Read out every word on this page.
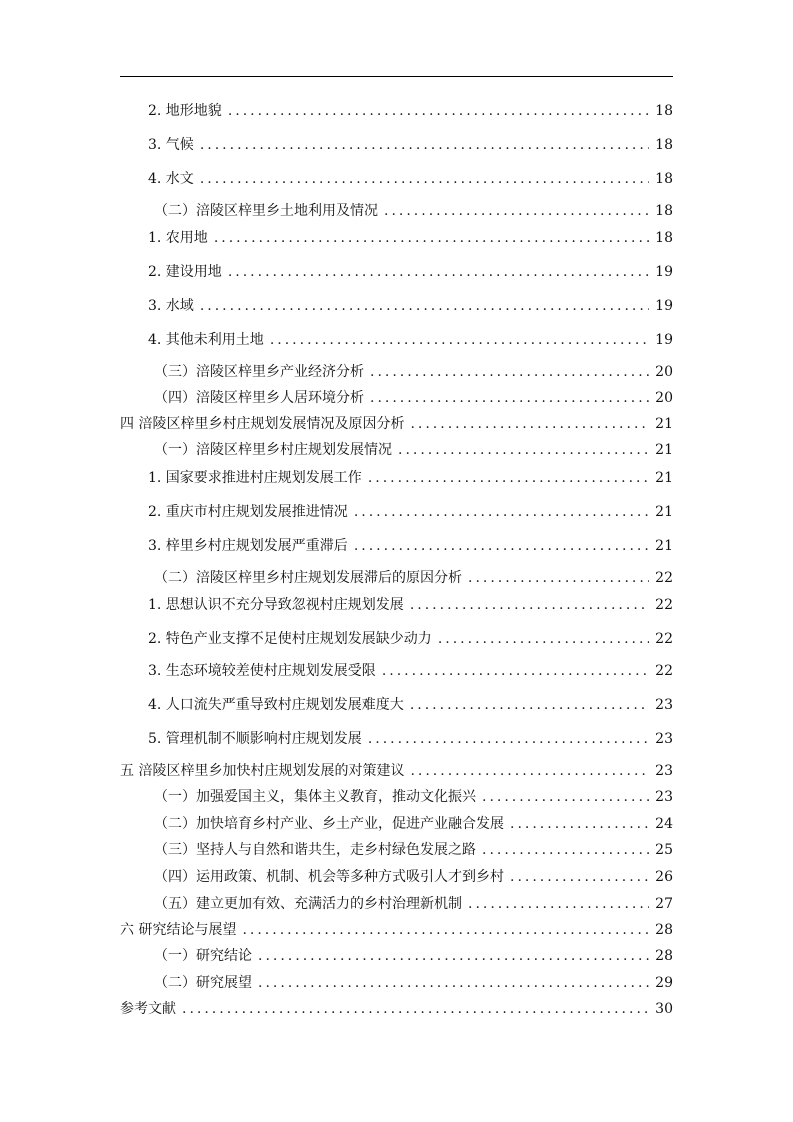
2. 地形地貌 .....	18
3. 气候 .....	18
4. 水文 .....	18
（二）涪陵区梓里乡土地利用及情况 .....	18
1. 农用地 .....	18
2. 建设用地 .....	19
3. 水域 .....	19
4. 其他未利用土地 .....	19
（三）涪陵区梓里乡产业经济分析 .....	20
（四）涪陵区梓里乡人居环境分析 .....	20
四 涪陵区梓里乡村庄规划发展情况及原因分析 .....	21
（一）涪陵区梓里乡村庄规划发展情况 .....	21
1. 国家要求推进村庄规划发展工作 .....	21
2. 重庆市村庄规划发展推进情况 .....	21
3. 梓里乡村庄规划发展严重滞后 .....	21
（二）涪陵区梓里乡村庄规划发展滞后的原因分析 .....	22
1. 思想认识不充分导致忽视村庄规划发展 .....	22
2. 特色产业支撑不足使村庄规划发展缺少动力 .....	22
3. 生态环境较差使村庄规划发展受限 .....	22
4. 人口流失严重导致村庄规划发展难度大 .....	23
5. 管理机制不顺影响村庄规划发展 .....	23
五 涪陵区梓里乡加快村庄规划发展的对策建议 .....	23
（一）加强爱国主义，集体主义教育，推动文化振兴 .....	23
（二）加快培育乡村产业、乡土产业，促进产业融合发展 .....	24
（三）坚持人与自然和谐共生，走乡村绿色发展之路 .....	25
（四）运用政策、机制、机会等多种方式吸引人才到乡村 .....	26
（五）建立更加有效、充满活力的乡村治理新机制 .....	27
六 研究结论与展望 .....	28
（一）研究结论 .....	28
（二）研究展望 .....	29
参考文献 .....	30
